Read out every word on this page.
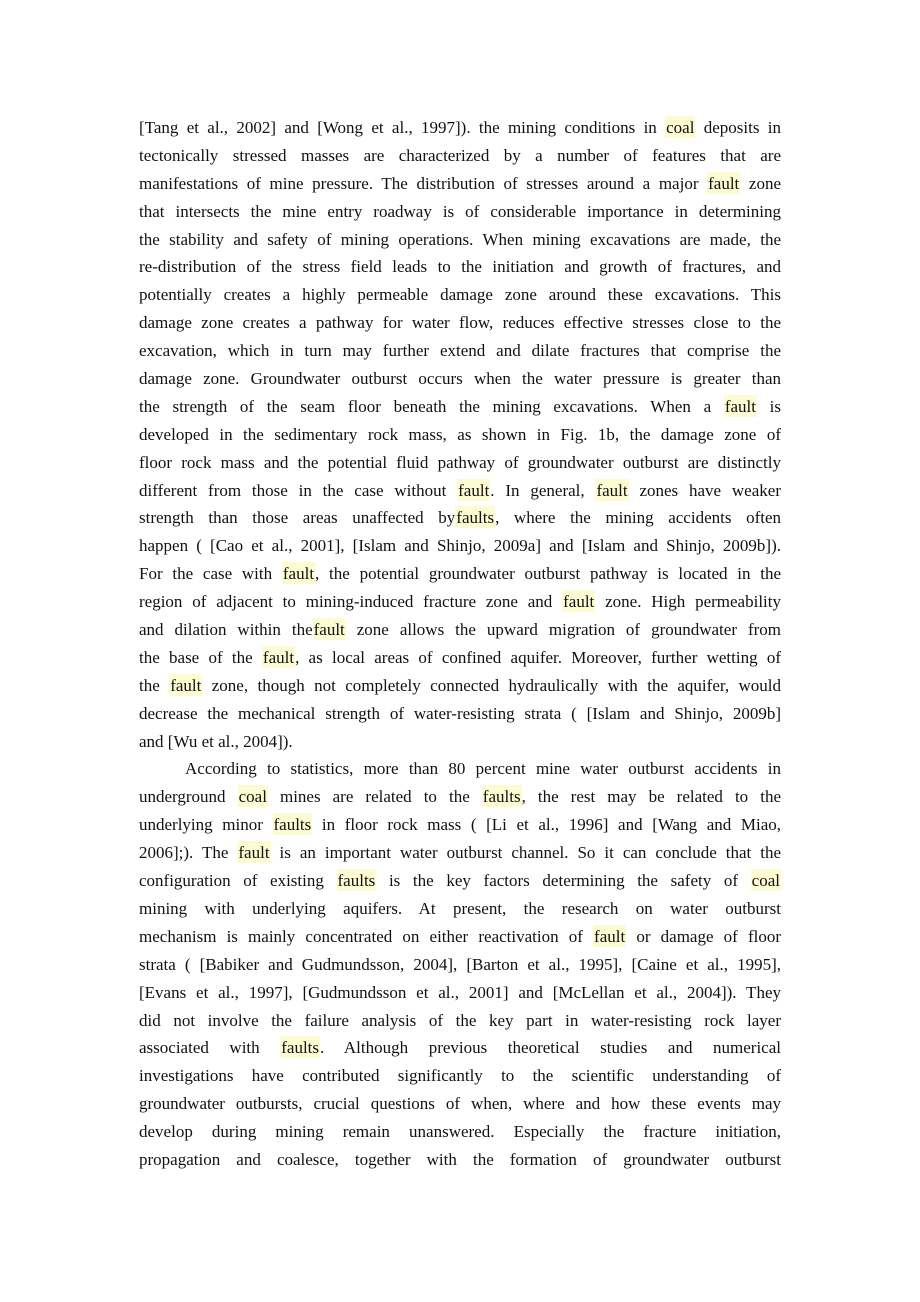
[Tang et al., 2002] and [Wong et al., 1997]). the mining conditions in coal deposits in
tectonically stressed masses are characterized by a number of features that are
manifestations of mine pressure. The distribution of stresses around a major fault zone
that intersects the mine entry roadway is of considerable importance in determining
the stability and safety of mining operations. When mining excavations are made, the
re-distribution of the stress field leads to the initiation and growth of fractures, and
potentially creates a highly permeable damage zone around these excavations. This
damage zone creates a pathway for water flow, reduces effective stresses close to the
excavation, which in turn may further extend and dilate fractures that comprise the
damage zone. Groundwater outburst occurs when the water pressure is greater than
the strength of the seam floor beneath the mining excavations. When a fault is
developed in the sedimentary rock mass, as shown in Fig. 1b, the damage zone of
floor rock mass and the potential fluid pathway of groundwater outburst are distinctly
different from those in the case without fault. In general, fault zones have weaker
strength than those areas unaffected byfaults, where the mining accidents often
happen ( [Cao et al., 2001], [Islam and Shinjo, 2009a] and [Islam and Shinjo, 2009b]).
For the case with fault, the potential groundwater outburst pathway is located in the
region of adjacent to mining-induced fracture zone and fault zone. High permeability
and dilation within thefault zone allows the upward migration of groundwater from
the base of the fault, as local areas of confined aquifer. Moreover, further wetting of
the fault zone, though not completely connected hydraulically with the aquifer, would
decrease the mechanical strength of water-resisting strata ( [Islam and Shinjo, 2009b]
and [Wu et al., 2004]).
According to statistics, more than 80 percent mine water outburst accidents in
underground coal mines are related to the faults, the rest may be related to the
underlying minor faults in floor rock mass ( [Li et al., 1996] and [Wang and Miao,
2006];). The fault is an important water outburst channel. So it can conclude that the
configuration of existing faults is the key factors determining the safety of coal
mining with underlying aquifers. At present, the research on water outburst
mechanism is mainly concentrated on either reactivation of fault or damage of floor
strata ( [Babiker and Gudmundsson, 2004], [Barton et al., 1995], [Caine et al., 1995],
[Evans et al., 1997], [Gudmundsson et al., 2001] and [McLellan et al., 2004]). They
did not involve the failure analysis of the key part in water-resisting rock layer
associated with faults. Although previous theoretical studies and numerical
investigations have contributed significantly to the scientific understanding of
groundwater outbursts, crucial questions of when, where and how these events may
develop during mining remain unanswered. Especially the fracture initiation,
propagation and coalesce, together with the formation of groundwater outburst
